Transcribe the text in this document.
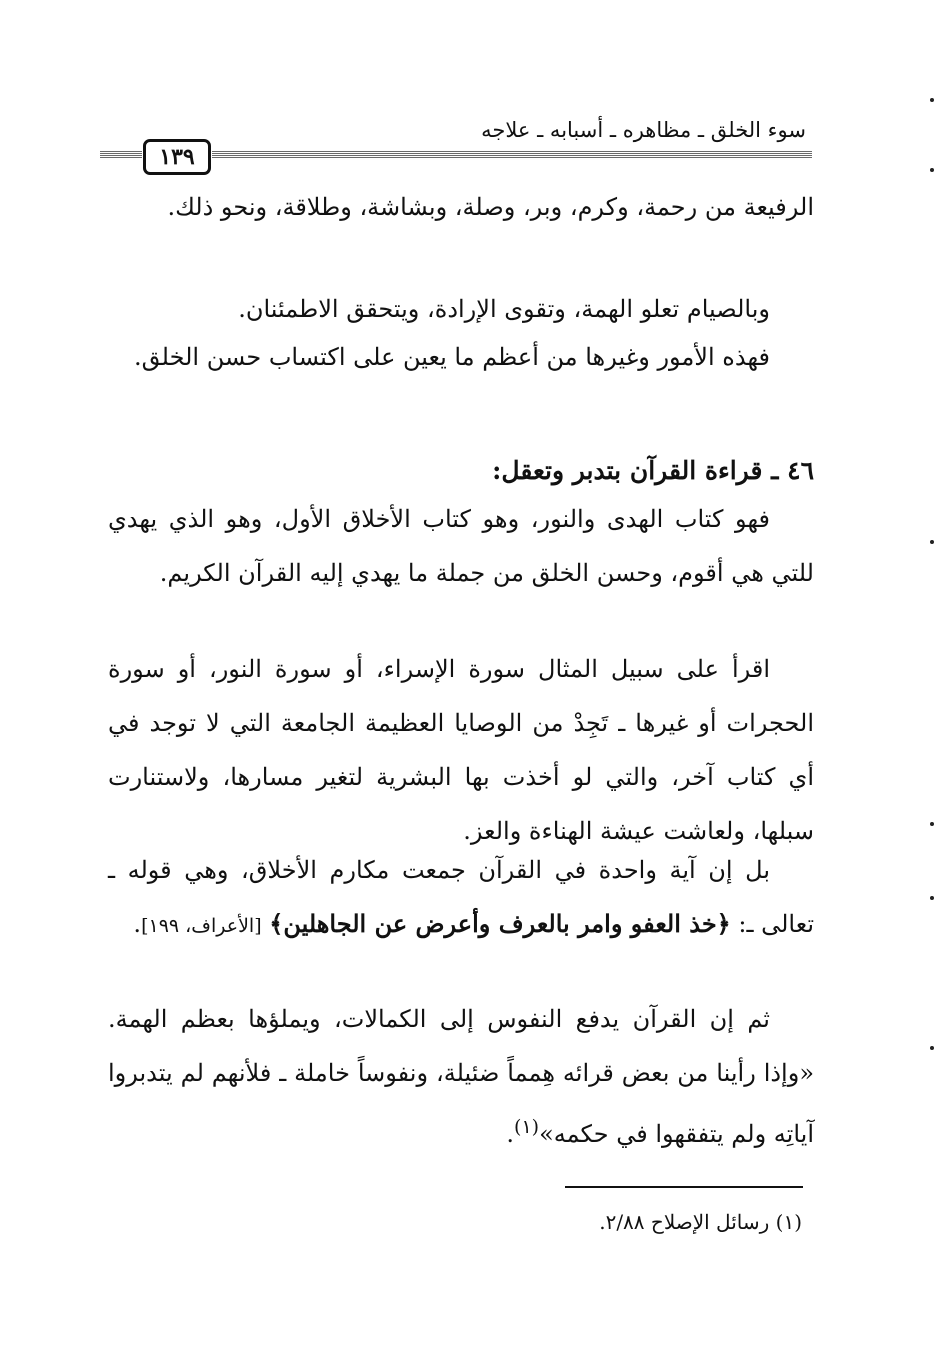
سوء الخلق ـ مظاهره ـ أسبابه ـ علاجه
١٣٩

الرفيعة من رحمة، وكرم، وبر، وصلة، وبشاشة، وطلاقة، ونحو ذلك.

وبالصيام تعلو الهمة، وتقوى الإرادة، ويتحقق الاطمئنان.

فهذه الأمور وغيرها من أعظم ما يعين على اكتساب حسن الخلق.

٤٦ ـ قراءة القرآن بتدبر وتعقل:

فهو كتاب الهدى والنور، وهو كتاب الأخلاق الأول، وهو الذي يهدي للتي هي أقوم، وحسن الخلق من جملة ما يهدي إليه القرآن الكريم.

اقرأ على سبيل المثال سورة الإسراء، أو سورة النور، أو سورة الحجرات أو غيرها ـ تَجِدْ من الوصايا العظيمة الجامعة التي لا توجد في أي كتاب آخر، والتي لو أخذت بها البشرية لتغير مسارها، ولاستنارت سبلها، ولعاشت عيشة الهناءة والعز.

بل إن آية واحدة في القرآن جمعت مكارم الأخلاق، وهي قوله ـ تعالى ـ: ﴿خذ العفو وامر بالعرف وأعرض عن الجاهلين﴾ [الأعراف، ١٩٩].

ثم إن القرآن يدفع النفوس إلى الكمالات، ويملؤها بعظم الهمة. «وإذا رأينا من بعض قرائه هِمماً ضئيلة، ونفوساً خاملة ـ فلأنهم لم يتدبروا آياتِه ولم يتفقهوا في حكمه»$^{(١)}$.

(١) رسائل الإصلاح ٢/٨٨.
